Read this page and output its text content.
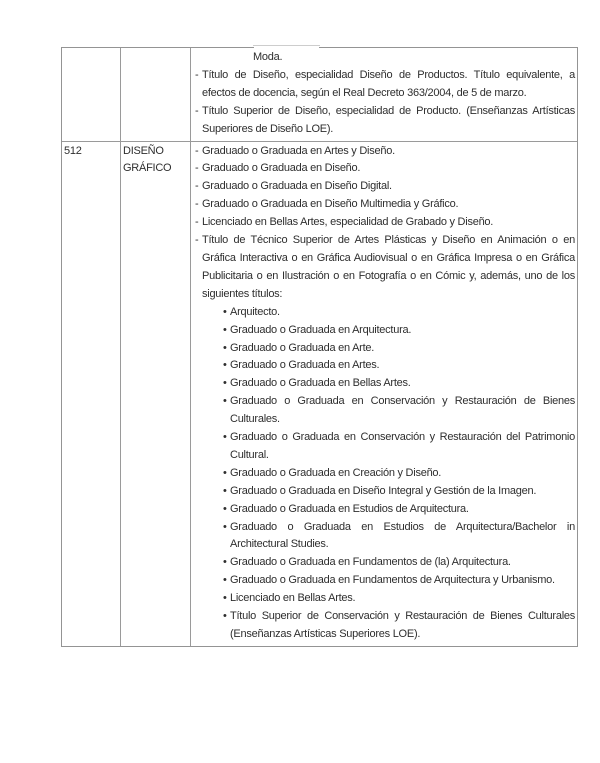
Moda.
- Título de Diseño, especialidad Diseño de Productos. Título equivalente, a efectos de docencia, según el Real Decreto 363/2004, de 5 de marzo.
- Título Superior de Diseño, especialidad de Producto. (Enseñanzas Artísticas Superiores de Diseño LOE).
512	DISEÑO GRÁFICO
- Graduado o Graduada en Artes y Diseño.
- Graduado o Graduada en Diseño.
- Graduado o Graduada en Diseño Digital.
- Graduado o Graduada en Diseño Multimedia y Gráfico.
- Licenciado en Bellas Artes, especialidad de Grabado y Diseño.
- Título de Técnico Superior de Artes Plásticas y Diseño en Animación o en Gráfica Interactiva o en Gráfica Audiovisual o en Gráfica Impresa o en Gráfica Publicitaria o en Ilustración o en Fotografía o en Cómic y, además, uno de los siguientes títulos:
• Arquitecto.
• Graduado o Graduada en Arquitectura.
• Graduado o Graduada en Arte.
• Graduado o Graduada en Artes.
• Graduado o Graduada en Bellas Artes.
• Graduado o Graduada en Conservación y Restauración de Bienes Culturales.
• Graduado o Graduada en Conservación y Restauración del Patrimonio Cultural.
• Graduado o Graduada en Creación y Diseño.
• Graduado o Graduada en Diseño Integral y Gestión de la Imagen.
• Graduado o Graduada en Estudios de Arquitectura.
• Graduado o Graduada en Estudios de Arquitectura/Bachelor in Architectural Studies.
• Graduado o Graduada en Fundamentos de (la) Arquitectura.
• Graduado o Graduada en Fundamentos de Arquitectura y Urbanismo.
• Licenciado en Bellas Artes.
• Título Superior de Conservación y Restauración de Bienes Culturales (Enseñanzas Artísticas Superiores LOE).
